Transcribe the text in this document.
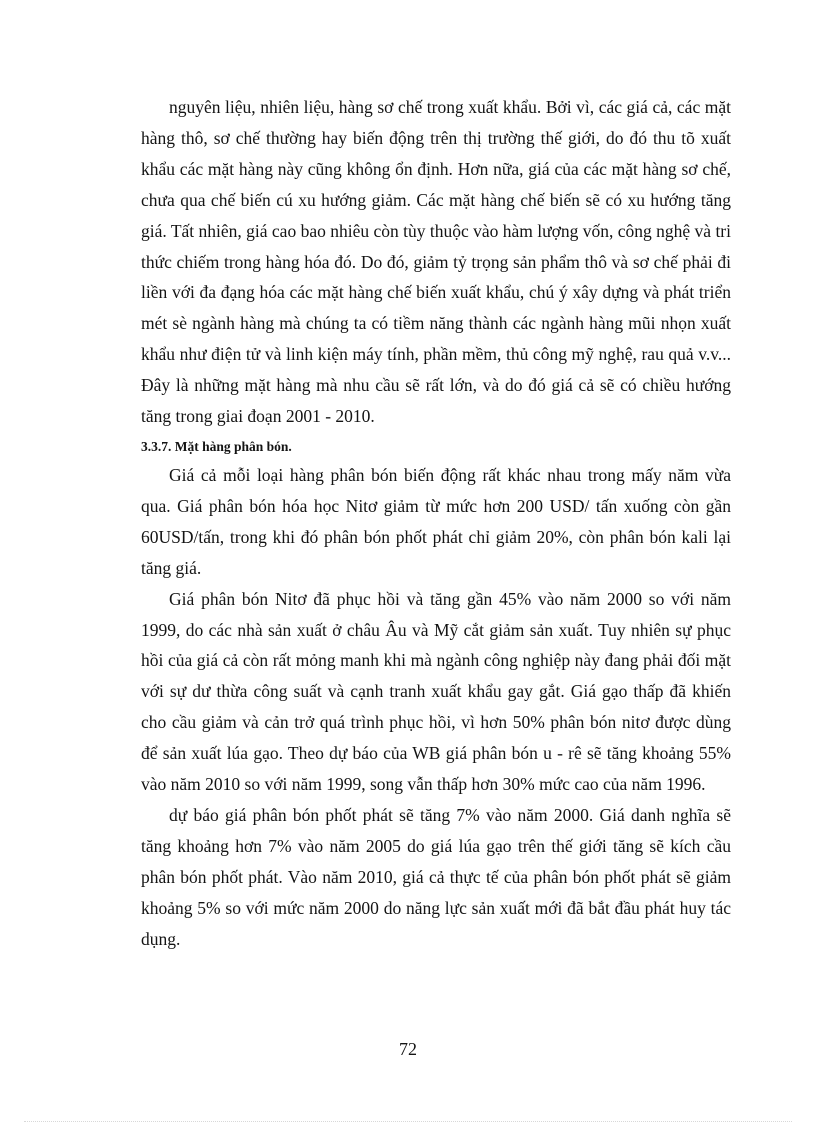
nguyên liệu, nhiên liệu, hàng sơ chế trong xuất khẩu. Bởi vì, các giá cả, các mặt hàng thô, sơ chế thường hay biến động trên thị trường thế giới, do đó thu tõ xuất khẩu các mặt hàng này cũng không ổn định. Hơn nữa, giá của các mặt hàng sơ chế, chưa qua chế biến cú xu hướng giảm. Các mặt hàng chế biến sẽ có xu hướng tăng giá. Tất nhiên, giá cao bao nhiêu còn tùy thuộc vào hàm lượng vốn, công nghệ và tri thức chiếm trong hàng hóa đó. Do đó, giảm tỷ trọng sản phẩm thô và sơ chế phải đi liền với đa đạng hóa các mặt hàng chế biến xuất khẩu, chú ý xây dựng và phát triển mét sè ngành hàng mà chúng ta có tiềm năng thành các ngành hàng mũi nhọn xuất khẩu như điện tử và linh kiện máy tính, phần mềm, thủ công mỹ nghệ, rau quả v.v... Đây là những mặt hàng mà nhu cầu sẽ rất lớn, và do đó giá cả sẽ có chiều hướng tăng trong giai đoạn 2001 - 2010.

3.3.7. Mặt hàng phân bón.

Giá cả mỗi loại hàng phân bón biến động rất khác nhau trong mấy năm vừa qua. Giá phân bón hóa học Nitơ giảm từ mức hơn 200 USD/ tấn xuống còn gần 60USD/tấn, trong khi đó phân bón phốt phát chỉ giảm 20%, còn phân bón kali lại tăng giá.

Giá phân bón Nitơ đã phục hồi và tăng gần 45% vào năm 2000 so với năm 1999, do các nhà sản xuất ở châu Âu và Mỹ cắt giảm sản xuất. Tuy nhiên sự phục hồi của giá cả còn rất mỏng manh khi mà ngành công nghiệp này đang phải đối mặt với sự dư thừa công suất và cạnh tranh xuất khẩu gay gắt. Giá gạo thấp đã khiến cho cầu giảm và cản trở quá trình phục hồi, vì hơn 50% phân bón nitơ được dùng để sản xuất lúa gạo. Theo dự báo của WB giá phân bón u - rê sẽ tăng khoảng 55% vào năm 2010 so với năm 1999, song vẫn thấp hơn 30% mức cao của năm 1996.

dự báo giá phân bón phốt phát sẽ tăng 7% vào năm 2000. Giá danh nghĩa sẽ tăng khoảng hơn 7% vào năm 2005 do giá lúa gạo trên thế giới tăng sẽ kích cầu phân bón phốt phát. Vào năm 2010, giá cả thực tế của phân bón phốt phát sẽ giảm khoảng 5% so với mức năm 2000 do năng lực sản xuất mới đã bắt đầu phát huy tác dụng.

72
